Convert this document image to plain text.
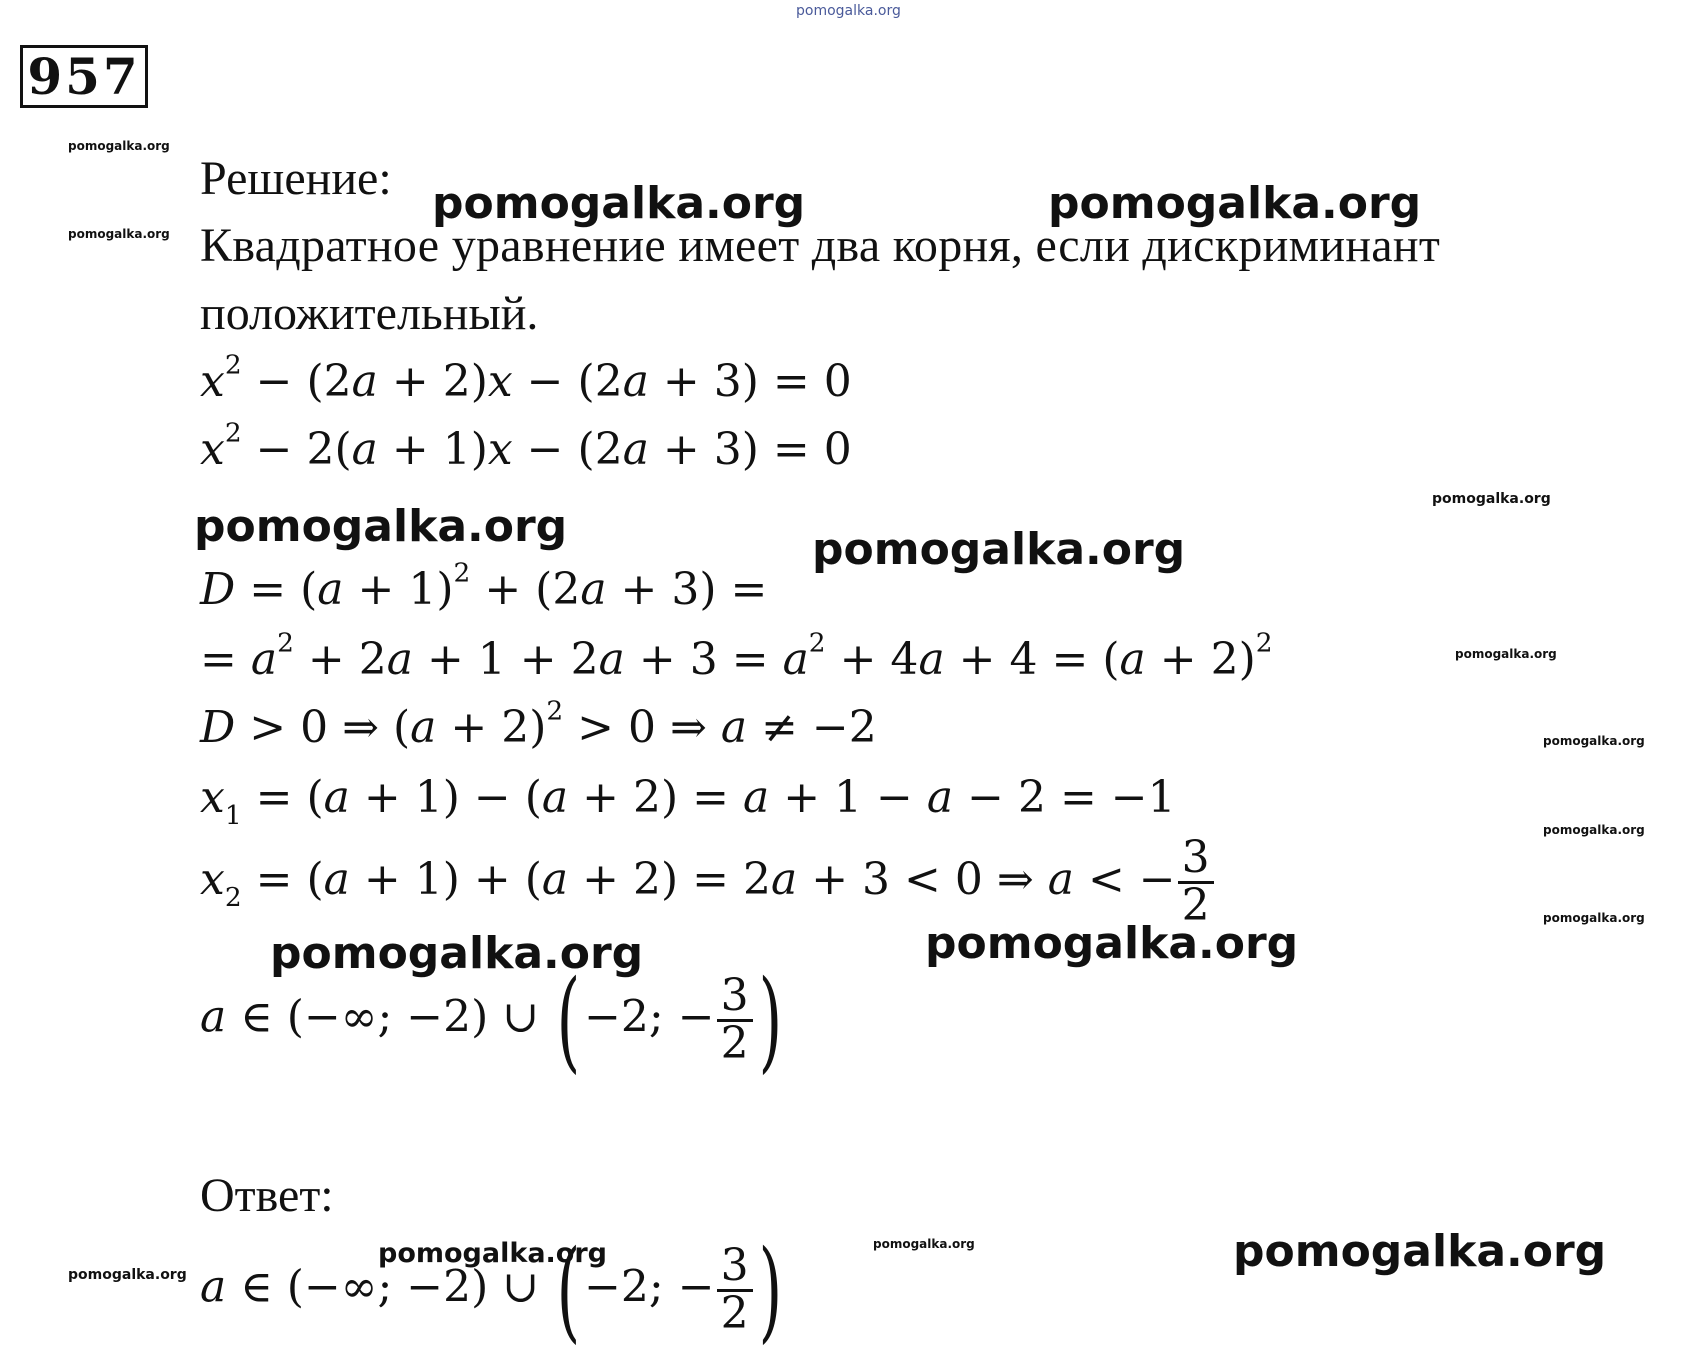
pomogalka.org
957
Решение:
Квадратное уравнение имеет два корня, если дискриминант
положительный.
$x^2 - (2a + 2)x - (2a + 3) = 0$
$x^2 - 2(a + 1)x - (2a + 3) = 0$
$D = (a + 1)^2 + (2a + 3)$ =
= $a^2 + 2a + 1 + 2a + 3 = a^2 + 4a + 4 = (a + 2)^2$
D > 0 ⇒ $(a + 2)^2 > 0$ ⇒ a ≠ −2
$x_1 = (a + 1) - (a + 2) = a + 1 - a - 2 = -1$
$x_2 = (a + 1) + (a + 2) = 2a + 3 < 0$ ⇒ a < − $\frac{3}{2}$
a ∈ (−∞; −2) ∪ (−2; − $\frac{3}{2}$ )
Ответ:
a ∈ (−∞; −2) ∪ (−2; − $\frac{3}{2}$ )
pomogalka.org
pomogalka.org
pomogalka.org	pomogalka.org
pomogalka.org
pomogalka.org
pomogalka.org
pomogalka.org
pomogalka.org
pomogalka.org
pomogalka.org
pomogalka.org	pomogalka.org
pomogalka.org	pomogalka.org	pomogalka.org
pomogalka.org
